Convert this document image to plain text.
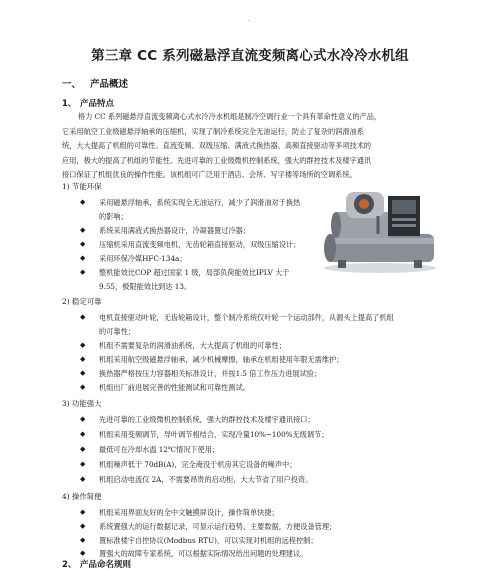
·
第三章 CC 系列磁悬浮直流变频离心式水冷冷水机组
一、 产品概述
1、 产品特点
格力 CC 系列磁悬浮直流变频离心式水冷冷水机组是制冷空调行业一个具有革命性意义的产品，
它采用航空工业级磁悬浮轴承的压缩机，实现了制冷系统完全无油运行，防止了复杂的润滑油系
统，大大提高了机组的可靠性。直流变频、双级压缩、满液式换热器、高频直接驱动等多项技术的
应用，极大的提高了机组的节能性。先进可靠的工业级微机控制系统，强大的群控技术及楼宇通讯
接口保证了机组优良的操作性能。该机组可广泛用于酒店、会所、写字楼等场所的空调系统。
1) 节能环保
◆ 采用磁悬浮轴承，系统实现全无油运行，减少了润滑油对于换热
的影响；
◆ 系统采用满液式换热器设计，冷凝器置过冷器；
◆ 压缩机采用直流变频电机，无齿轮箱直接驱动，双级压缩设计；
◆ 采用环保冷媒HFC-134a；
◆ 整机能效比COP 超过国家 1 级，局部负荷能效比IPLV 大于
9.55，极限能效比到达 13。
2) 稳定可靠
◆ 电机直接驱动叶轮，无齿轮箱设计，整个制冷系统仅叶轮一个运动部件，从源头上提高了机组
的可靠性；
◆ 机组不需要复杂的润滑油系统，大大提高了机组的可靠性；
◆ 机组采用航空级磁悬浮轴承，减少机械摩擦，轴承在机组使用年限无需维护；
◆ 换热器严格按压力容器相关标准设计，并按1.5 倍工作压力进展试验；
◆ 机组出厂前进展完善的性能测试和可靠性测试。
3) 功能强大
◆ 先进可靠的工业级微机控制系统，强大的群控技术及楼宇通讯接口；
◆ 机组采用变频调节，导叶调节相结合，实现冷量10%~100%无级调节；
◆ 最低可在冷却水温 12℃情况下使用；
◆ 机组噪声低于 70dB(A)，完全淹没于机房其它设备的噪声中；
◆ 机组启动电流仅 2A，不需要昂贵的启动柜，大大节省了用户投资。
4) 操作简便
◆ 机组采用界面友好的全中文触摸屏设计，操作简单快捷；
◆ 系统置强大的运行数据记录，可显示运行趋势、主要数据，方便设备管理；
◆ 置标准楼宇自控协议(Modbus RTU)，可以实现对机组的远程控制；
◆ 置强大的故障专家系统，可以根据实际情况给出问题的处理建议。
2、 产品命名规则
